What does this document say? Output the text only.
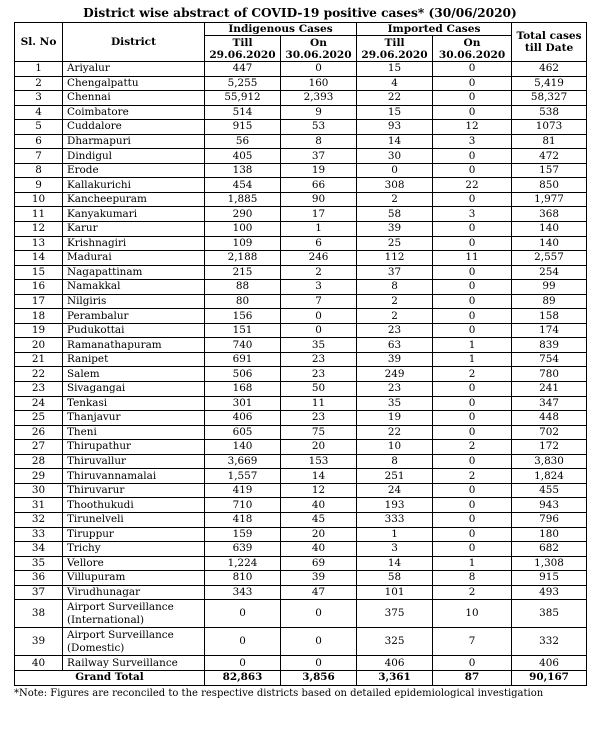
District wise abstract of COVID-19 positive cases* (30/06/2020)
Sl. No	District	Indigenous Cases		Imported Cases		Total cases till Date
		Till 29.06.2020	On 30.06.2020	Till 29.06.2020	On 30.06.2020	
1	Ariyalur	447	0	15	0	462
2	Chengalpattu	5,255	160	4	0	5,419
3	Chennai	55,912	2,393	22	0	58,327
4	Coimbatore	514	9	15	0	538
5	Cuddalore	915	53	93	12	1073
6	Dharmapuri	56	8	14	3	81
7	Dindigul	405	37	30	0	472
8	Erode	138	19	0	0	157
9	Kallakurichi	454	66	308	22	850
10	Kancheepuram	1,885	90	2	0	1,977
11	Kanyakumari	290	17	58	3	368
12	Karur	100	1	39	0	140
13	Krishnagiri	109	6	25	0	140
14	Madurai	2,188	246	112	11	2,557
15	Nagapattinam	215	2	37	0	254
16	Namakkal	88	3	8	0	99
17	Nilgiris	80	7	2	0	89
18	Perambalur	156	0	2	0	158
19	Pudukottai	151	0	23	0	174
20	Ramanathapuram	740	35	63	1	839
21	Ranipet	691	23	39	1	754
22	Salem	506	23	249	2	780
23	Sivagangai	168	50	23	0	241
24	Tenkasi	301	11	35	0	347
25	Thanjavur	406	23	19	0	448
26	Theni	605	75	22	0	702
27	Thirupathur	140	20	10	2	172
28	Thiruvallur	3,669	153	8	0	3,830
29	Thiruvannamalai	1,557	14	251	2	1,824
30	Thiruvarur	419	12	24	0	455
31	Thoothukudi	710	40	193	0	943
32	Tirunelveli	418	45	333	0	796
33	Tiruppur	159	20	1	0	180
34	Trichy	639	40	3	0	682
35	Vellore	1,224	69	14	1	1,308
36	Villupuram	810	39	58	8	915
37	Virudhunagar	343	47	101	2	493
38	Airport Surveillance (International)	0	0	375	10	385
39	Airport Surveillance (Domestic)	0	0	325	7	332
40	Railway Surveillance	0	0	406	0	406
Grand Total		82,863	3,856	3,361	87	90,167
*Note: Figures are reconciled to the respective districts based on detailed epidemiological investigation
